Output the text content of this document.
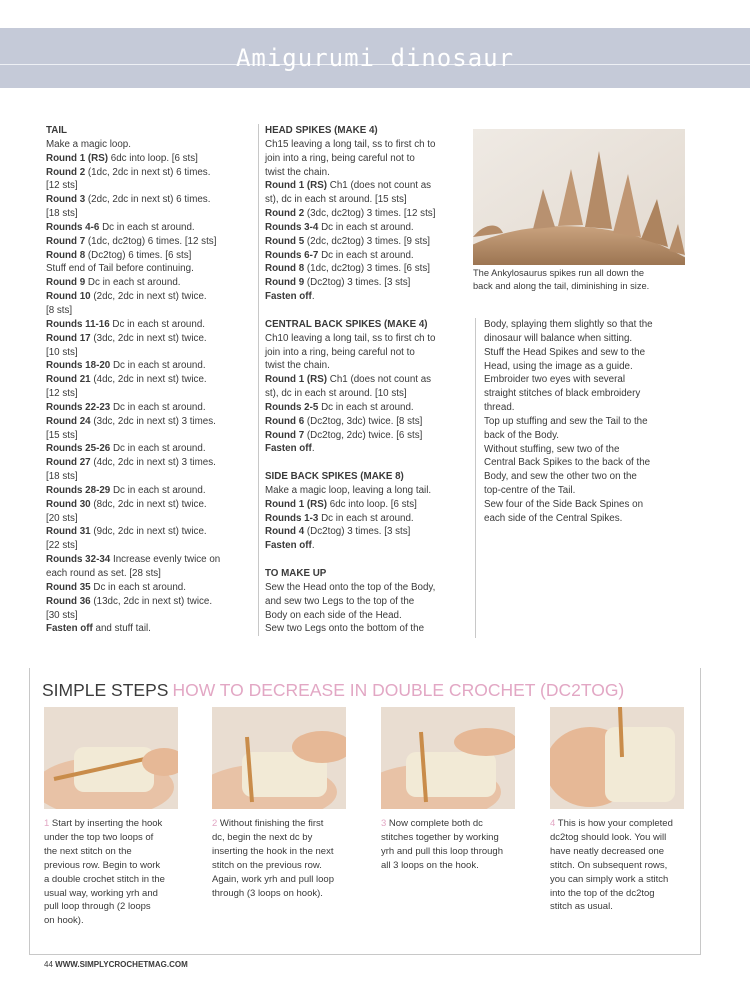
Amigurumi dinosaur
TAIL
Make a magic loop.
Round 1 (RS) 6dc into loop. [6 sts]
Round 2 (1dc, 2dc in next st) 6 times.
[12 sts]
Round 3 (2dc, 2dc in next st) 6 times.
[18 sts]
Rounds 4-6 Dc in each st around.
Round 7 (1dc, dc2tog) 6 times. [12 sts]
Round 8 (Dc2tog) 6 times. [6 sts]
Stuff end of Tail before continuing.
Round 9 Dc in each st around.
Round 10 (2dc, 2dc in next st) twice.
[8 sts]
Rounds 11-16 Dc in each st around.
Round 17 (3dc, 2dc in next st) twice.
[10 sts]
Rounds 18-20 Dc in each st around.
Round 21 (4dc, 2dc in next st) twice.
[12 sts]
Rounds 22-23 Dc in each st around.
Round 24 (3dc, 2dc in next st) 3 times.
[15 sts]
Rounds 25-26 Dc in each st around.
Round 27 (4dc, 2dc in next st) 3 times.
[18 sts]
Rounds 28-29 Dc in each st around.
Round 30 (8dc, 2dc in next st) twice.
[20 sts]
Round 31 (9dc, 2dc in next st) twice.
[22 sts]
Rounds 32-34 Increase evenly twice on
each round as set. [28 sts]
Round 35 Dc in each st around.
Round 36 (13dc, 2dc in next st) twice.
[30 sts]
Fasten off and stuff tail.
HEAD SPIKES (MAKE 4)
Ch15 leaving a long tail, ss to first ch to
join into a ring, being careful not to
twist the chain.
Round 1 (RS) Ch1 (does not count as
st), dc in each st around. [15 sts]
Round 2 (3dc, dc2tog) 3 times. [12 sts]
Rounds 3-4 Dc in each st around.
Round 5 (2dc, dc2tog) 3 times. [9 sts]
Rounds 6-7 Dc in each st around.
Round 8 (1dc, dc2tog) 3 times. [6 sts]
Round 9 (Dc2tog) 3 times. [3 sts]
Fasten off.
CENTRAL BACK SPIKES (MAKE 4)
Ch10 leaving a long tail, ss to first ch to
join into a ring, being careful not to
twist the chain.
Round 1 (RS) Ch1 (does not count as
st), dc in each st around. [10 sts]
Rounds 2-5 Dc in each st around.
Round 6 (Dc2tog, 3dc) twice. [8 sts]
Round 7 (Dc2tog, 2dc) twice. [6 sts]
Fasten off.
SIDE BACK SPIKES (MAKE 8)
Make a magic loop, leaving a long tail.
Round 1 (RS) 6dc into loop. [6 sts]
Rounds 1-3 Dc in each st around.
Round 4 (Dc2tog) 3 times. [3 sts]
Fasten off.
TO MAKE UP
Sew the Head onto the top of the Body,
and sew two Legs to the top of the
Body on each side of the Head.
Sew two Legs onto the bottom of the
The Ankylosaurus spikes run all down the
back and along the tail, diminishing in size.
Body, splaying them slightly so that the
dinosaur will balance when sitting.
Stuff the Head Spikes and sew to the
Head, using the image as a guide.
Embroider two eyes with several
straight stitches of black embroidery
thread.
Top up stuffing and sew the Tail to the
back of the Body.
Without stuffing, sew two of the
Central Back Spikes to the back of the
Body, and sew the other two on the
top-centre of the Tail.
Sew four of the Side Back Spines on
each side of the Central Spikes.
SIMPLE STEPS HOW TO DECREASE IN DOUBLE CROCHET (DC2TOG)
1 Start by inserting the hook
under the top two loops of
the next stitch on the
previous row. Begin to work
a double crochet stitch in the
usual way, working yrh and
pull loop through (2 loops
on hook).
2 Without finishing the first
dc, begin the next dc by
inserting the hook in the next
stitch on the previous row.
Again, work yrh and pull loop
through (3 loops on hook).
3 Now complete both dc
stitches together by working
yrh and pull this loop through
all 3 loops on the hook.
4 This is how your completed
dc2tog should look. You will
have neatly decreased one
stitch. On subsequent rows,
you can simply work a stitch
into the top of the dc2tog
stitch as usual.
44 WWW.SIMPLYCROCHETMAG.COM
